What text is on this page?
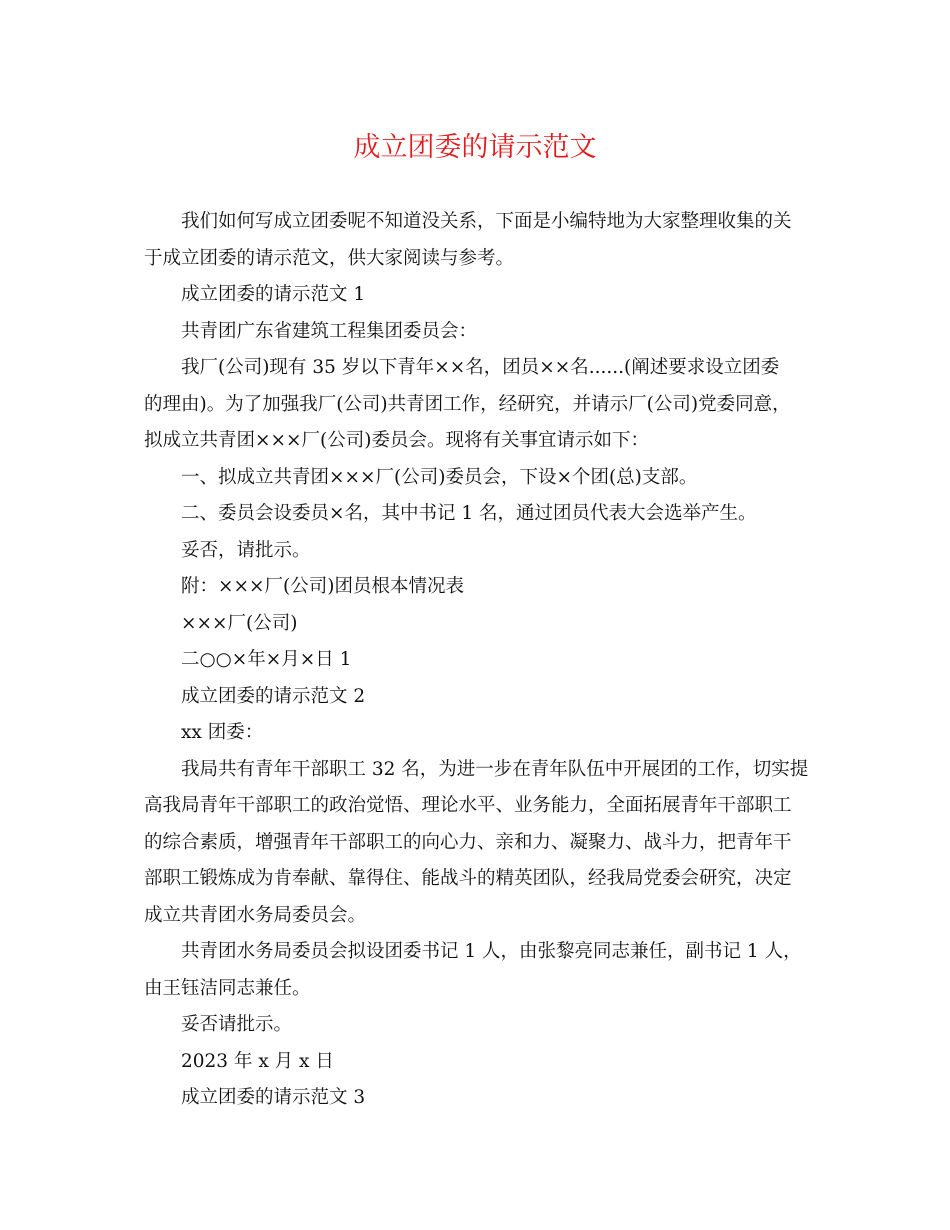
成立团委的请示范文
我们如何写成立团委呢不知道没关系，下面是小编特地为大家整理收集的关
于成立团委的请示范文，供大家阅读与参考。
成立团委的请示范文 1
共青团广东省建筑工程集团委员会：
我厂(公司)现有 35 岁以下青年××名，团员××名......(阐述要求设立团委
的理由)。为了加强我厂(公司)共青团工作，经研究，并请示厂(公司)党委同意，
拟成立共青团×××厂(公司)委员会。现将有关事宜请示如下：
一、拟成立共青团×××厂(公司)委员会，下设×个团(总)支部。
二、委员会设委员×名，其中书记 1 名，通过团员代表大会选举产生。
妥否，请批示。
附：×××厂(公司)团员根本情况表
×××厂(公司)
二○○×年×月×日 1
成立团委的请示范文 2
xx 团委：
我局共有青年干部职工 32 名，为进一步在青年队伍中开展团的工作，切实提
高我局青年干部职工的政治觉悟、理论水平、业务能力，全面拓展青年干部职工
的综合素质，增强青年干部职工的向心力、亲和力、凝聚力、战斗力，把青年干
部职工锻炼成为肯奉献、靠得住、能战斗的精英团队，经我局党委会研究，决定
成立共青团水务局委员会。
共青团水务局委员会拟设团委书记 1 人，由张黎亮同志兼任，副书记 1 人，
由王钰洁同志兼任。
妥否请批示。
2023 年 x 月 x 日
成立团委的请示范文 3
